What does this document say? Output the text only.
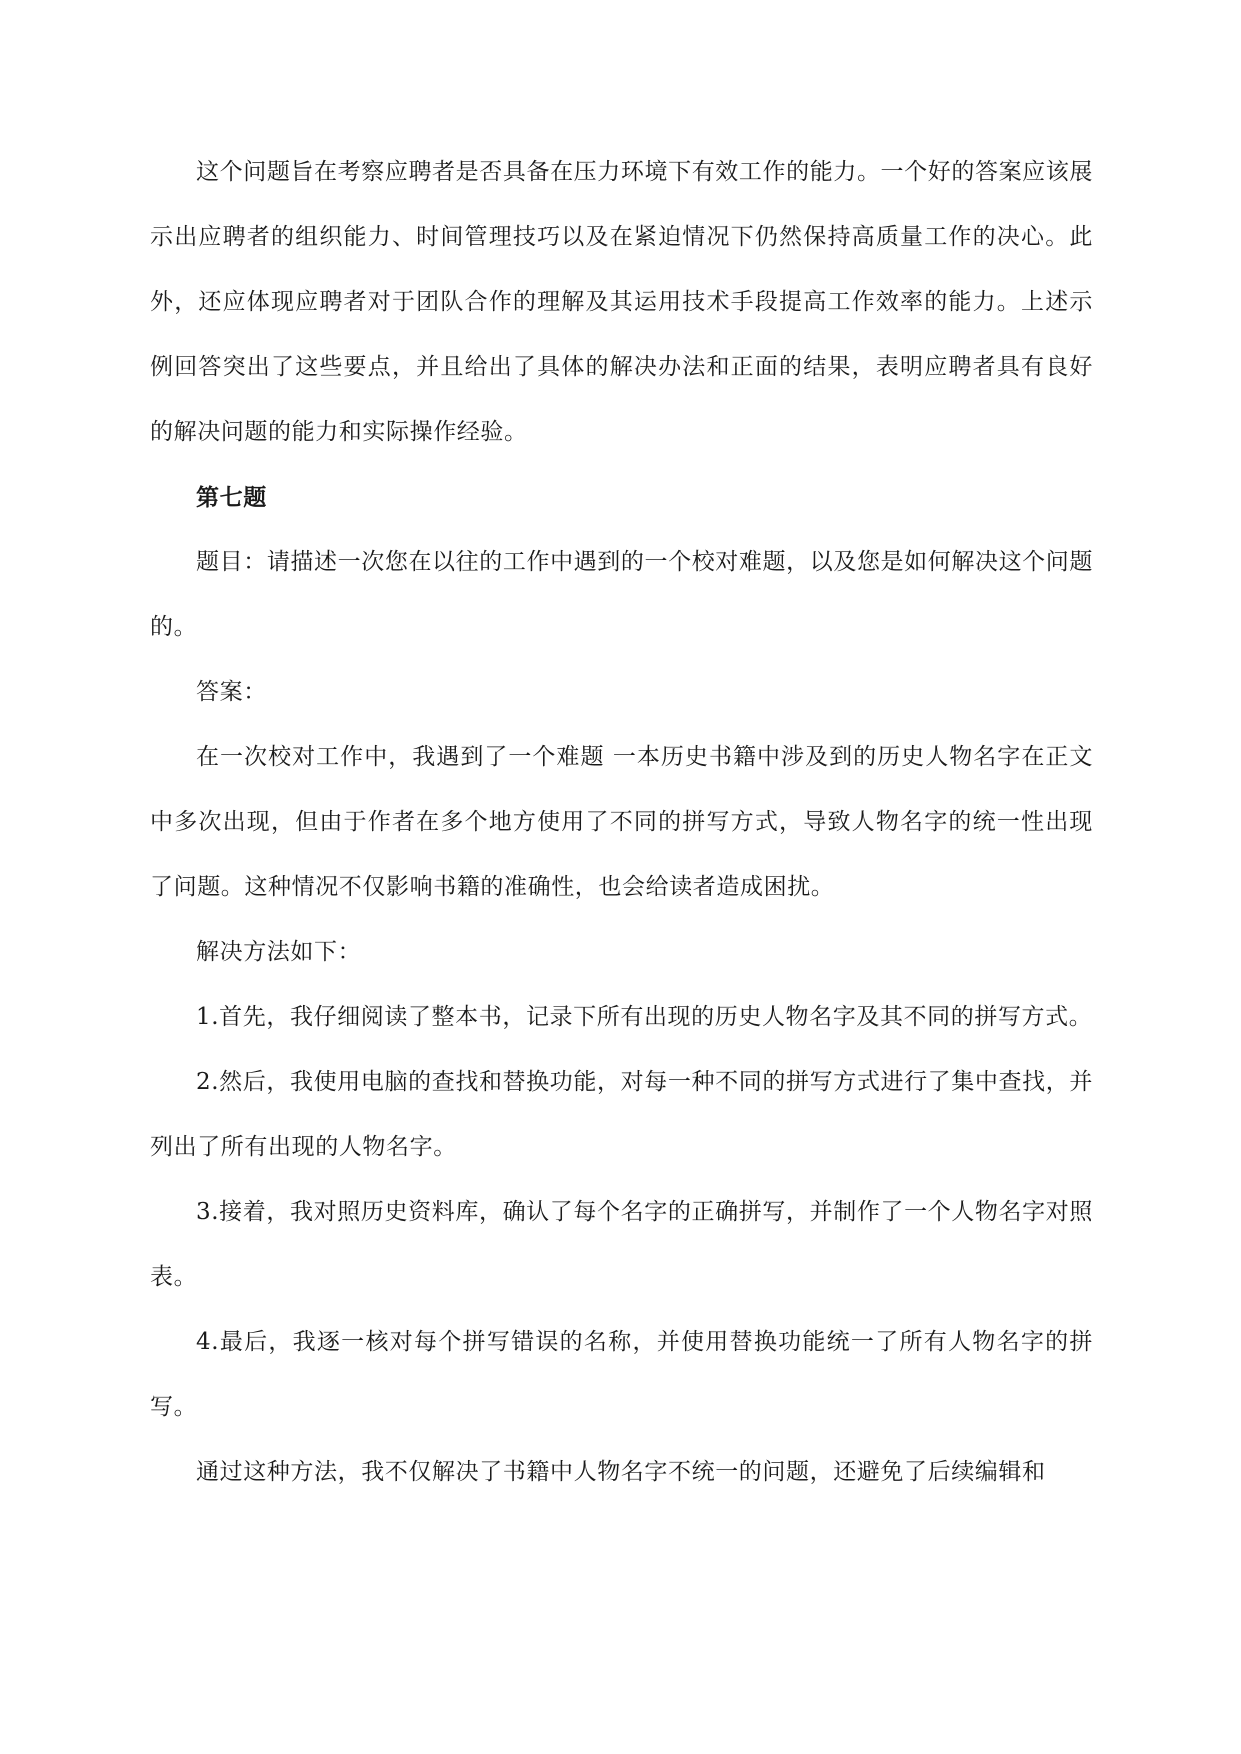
这个问题旨在考察应聘者是否具备在压力环境下有效工作的能力。一个好的答案应该展示出应聘者的组织能力、时间管理技巧以及在紧迫情况下仍然保持高质量工作的决心。此外，还应体现应聘者对于团队合作的理解及其运用技术手段提高工作效率的能力。上述示例回答突出了这些要点，并且给出了具体的解决办法和正面的结果，表明应聘者具有良好的解决问题的能力和实际操作经验。

第七题

题目：请描述一次您在以往的工作中遇到的一个校对难题，以及您是如何解决这个问题的。

答案：

在一次校对工作中，我遇到了一个难题 一本历史书籍中涉及到的历史人物名字在正文中多次出现，但由于作者在多个地方使用了不同的拼写方式，导致人物名字的统一性出现了问题。这种情况不仅影响书籍的准确性，也会给读者造成困扰。

解决方法如下：

1.首先，我仔细阅读了整本书，记录下所有出现的历史人物名字及其不同的拼写方式。

2.然后，我使用电脑的查找和替换功能，对每一种不同的拼写方式进行了集中查找，并列出了所有出现的人物名字。

3.接着，我对照历史资料库，确认了每个名字的正确拼写，并制作了一个人物名字对照表。

4.最后，我逐一核对每个拼写错误的名称，并使用替换功能统一了所有人物名字的拼写。

通过这种方法，我不仅解决了书籍中人物名字不统一的问题，还避免了后续编辑和
